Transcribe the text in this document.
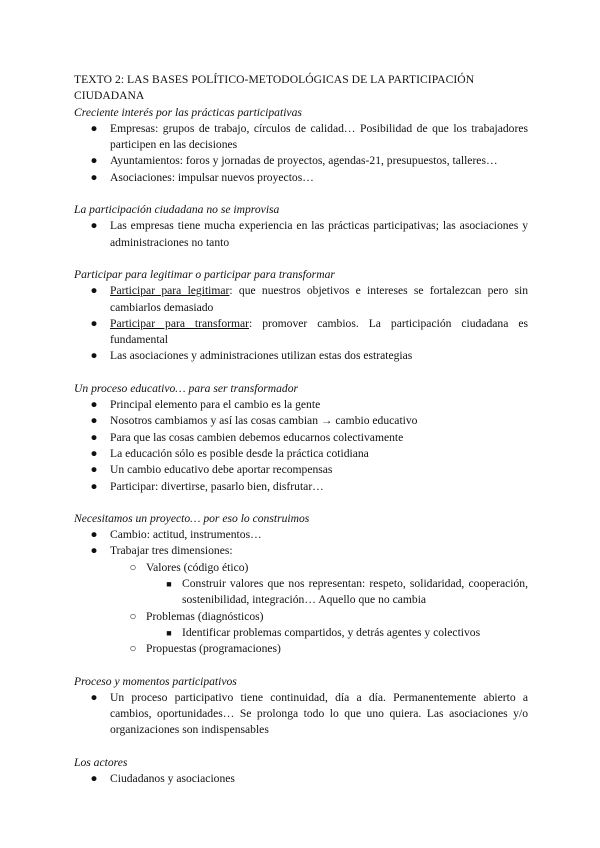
TEXTO 2: LAS BASES POLÍTICO-METODOLÓGICAS DE LA PARTICIPACIÓN

CIUDADANA

Creciente interés por las prácticas participativas

● Empresas: grupos de trabajo, círculos de calidad… Posibilidad de que los trabajadores participen en las decisiones
● Ayuntamientos: foros y jornadas de proyectos, agendas-21, presupuestos, talleres…
● Asociaciones: impulsar nuevos proyectos…

La participación ciudadana no se improvisa

● Las empresas tiene mucha experiencia en las prácticas participativas; las asociaciones y administraciones no tanto

Participar para legitimar o participar para transformar

● Participar para legitimar: que nuestros objetivos e intereses se fortalezcan pero sin cambiarlos demasiado
● Participar para transformar: promover cambios. La participación ciudadana es fundamental
● Las asociaciones y administraciones utilizan estas dos estrategias

Un proceso educativo… para ser transformador

● Principal elemento para el cambio es la gente
● Nosotros cambiamos y así las cosas cambian → cambio educativo
● Para que las cosas cambien debemos educarnos colectivamente
● La educación sólo es posible desde la práctica cotidiana
● Un cambio educativo debe aportar recompensas
● Participar: divertirse, pasarlo bien, disfrutar…

Necesitamos un proyecto… por eso lo construimos

● Cambio: actitud, instrumentos…
● Trabajar tres dimensiones:
○ Valores (código ético)
■ Construir valores que nos representan: respeto, solidaridad, cooperación, sostenibilidad, integración… Aquello que no cambia
○ Problemas (diagnósticos)
■ Identificar problemas compartidos, y detrás agentes y colectivos
○ Propuestas (programaciones)

Proceso y momentos participativos

● Un proceso participativo tiene continuidad, día a día. Permanentemente abierto a cambios, oportunidades… Se prolonga todo lo que uno quiera. Las asociaciones y/o organizaciones son indispensables

Los actores

● Ciudadanos y asociaciones
